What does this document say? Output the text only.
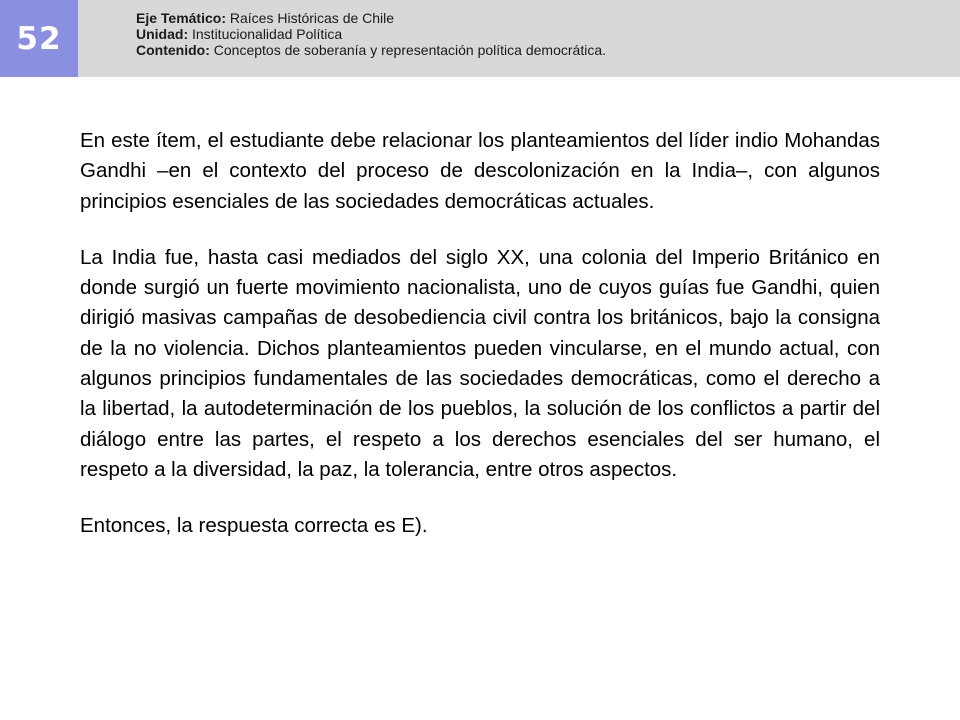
52
Eje Temático: Raíces Históricas de Chile
Unidad: Institucionalidad Política
Contenido: Conceptos de soberanía y representación política democrática.

En este ítem, el estudiante debe relacionar los planteamientos del líder indio Mohandas Gandhi –en el contexto del proceso de descolonización en la India–, con algunos principios esenciales de las sociedades democráticas actuales.

La India fue, hasta casi mediados del siglo XX, una colonia del Imperio Británico en donde surgió un fuerte movimiento nacionalista, uno de cuyos guías fue Gandhi, quien dirigió masivas campañas de desobediencia civil contra los británicos, bajo la consigna de la no violencia. Dichos planteamientos pueden vincularse, en el mundo actual, con algunos principios fundamentales de las sociedades democráticas, como el derecho a la libertad, la autodeterminación de los pueblos, la solución de los conflictos a partir del diálogo entre las partes, el respeto a los derechos esenciales del ser humano, el respeto a la diversidad, la paz, la tolerancia, entre otros aspectos.

Entonces, la respuesta correcta es E).
